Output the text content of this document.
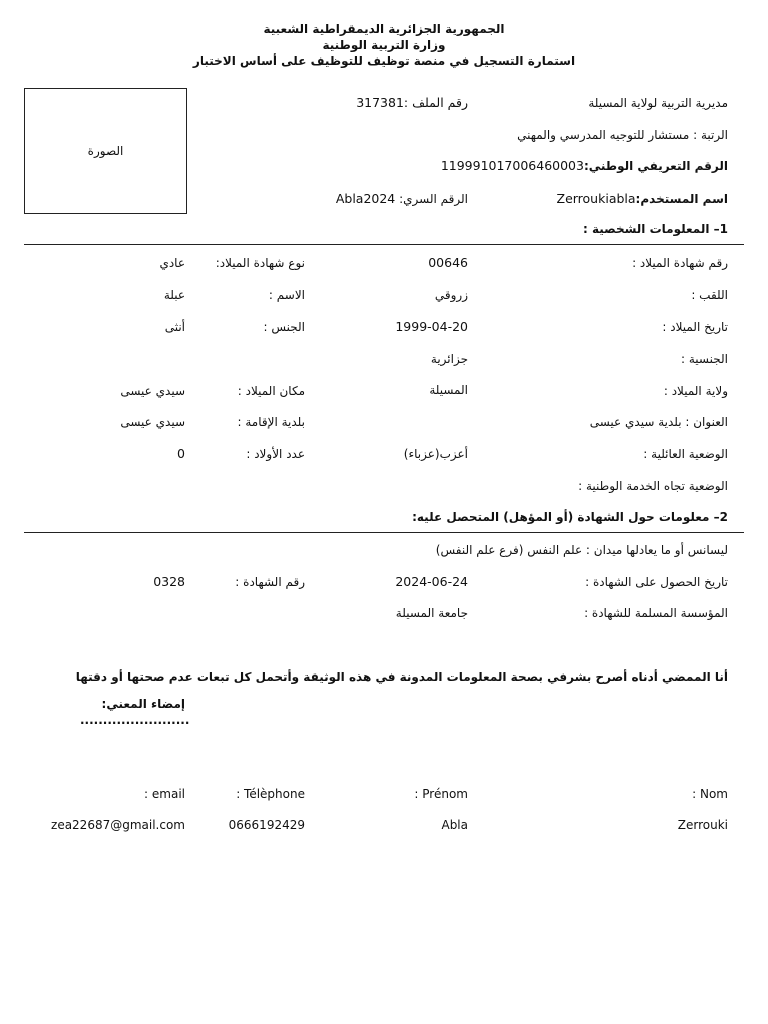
الجمهورية الجزائرية الديمقراطية الشعبية
وزارة التربية الوطنية
استمارة التسجيل في منصة توظيف للتوظيف على أساس الاختبار
الصورة
مديرية التربية لولاية المسيلة
رقم الملف :317381
الرتبة : مستشار للتوجيه المدرسي والمهني
الرقم التعريفي الوطني:119991017006460003
اسم المستخدم:Zerroukiabla
الرقم السري: Abla2024
1– المعلومات الشخصية :
رقم شهادة الميلاد :
00646
نوع شهادة الميلاد:
عادي
اللقب :
زروقي
الاسم :
عبلة
تاريخ الميلاد :
1999-04-20
الجنس :
أنثى
الجنسية :
جزائرية
ولاية الميلاد :
المسيلة
مكان الميلاد :
سيدي عيسى
العنوان : بلدية سيدي عيسى
بلدية الإقامة :
سيدي عيسى
الوضعية العائلية :
أعزب(عزباء)
عدد الأولاد :
0
الوضعية تجاه الخدمة الوطنية :
2– معلومات حول الشهادة (أو المؤهل) المتحصل عليه:
ليسانس أو ما يعادلها ميدان : علم النفس (فرع علم النفس)
تاريخ الحصول على الشهادة :
2024-06-24
رقم الشهادة :
0328
المؤسسة المسلمة للشهادة :
جامعة المسيلة
أنا الممضي أدناه أصرح بشرفي بصحة المعلومات المدونة في هذه الوثيقة وأتحمل كل تبعات عدم صحتها أو دقتها
إمضاء المعني:
........................
: Nom
: Prénom
: Télèphone
: email
Zerrouki
Abla
0666192429
zea22687@gmail.com
